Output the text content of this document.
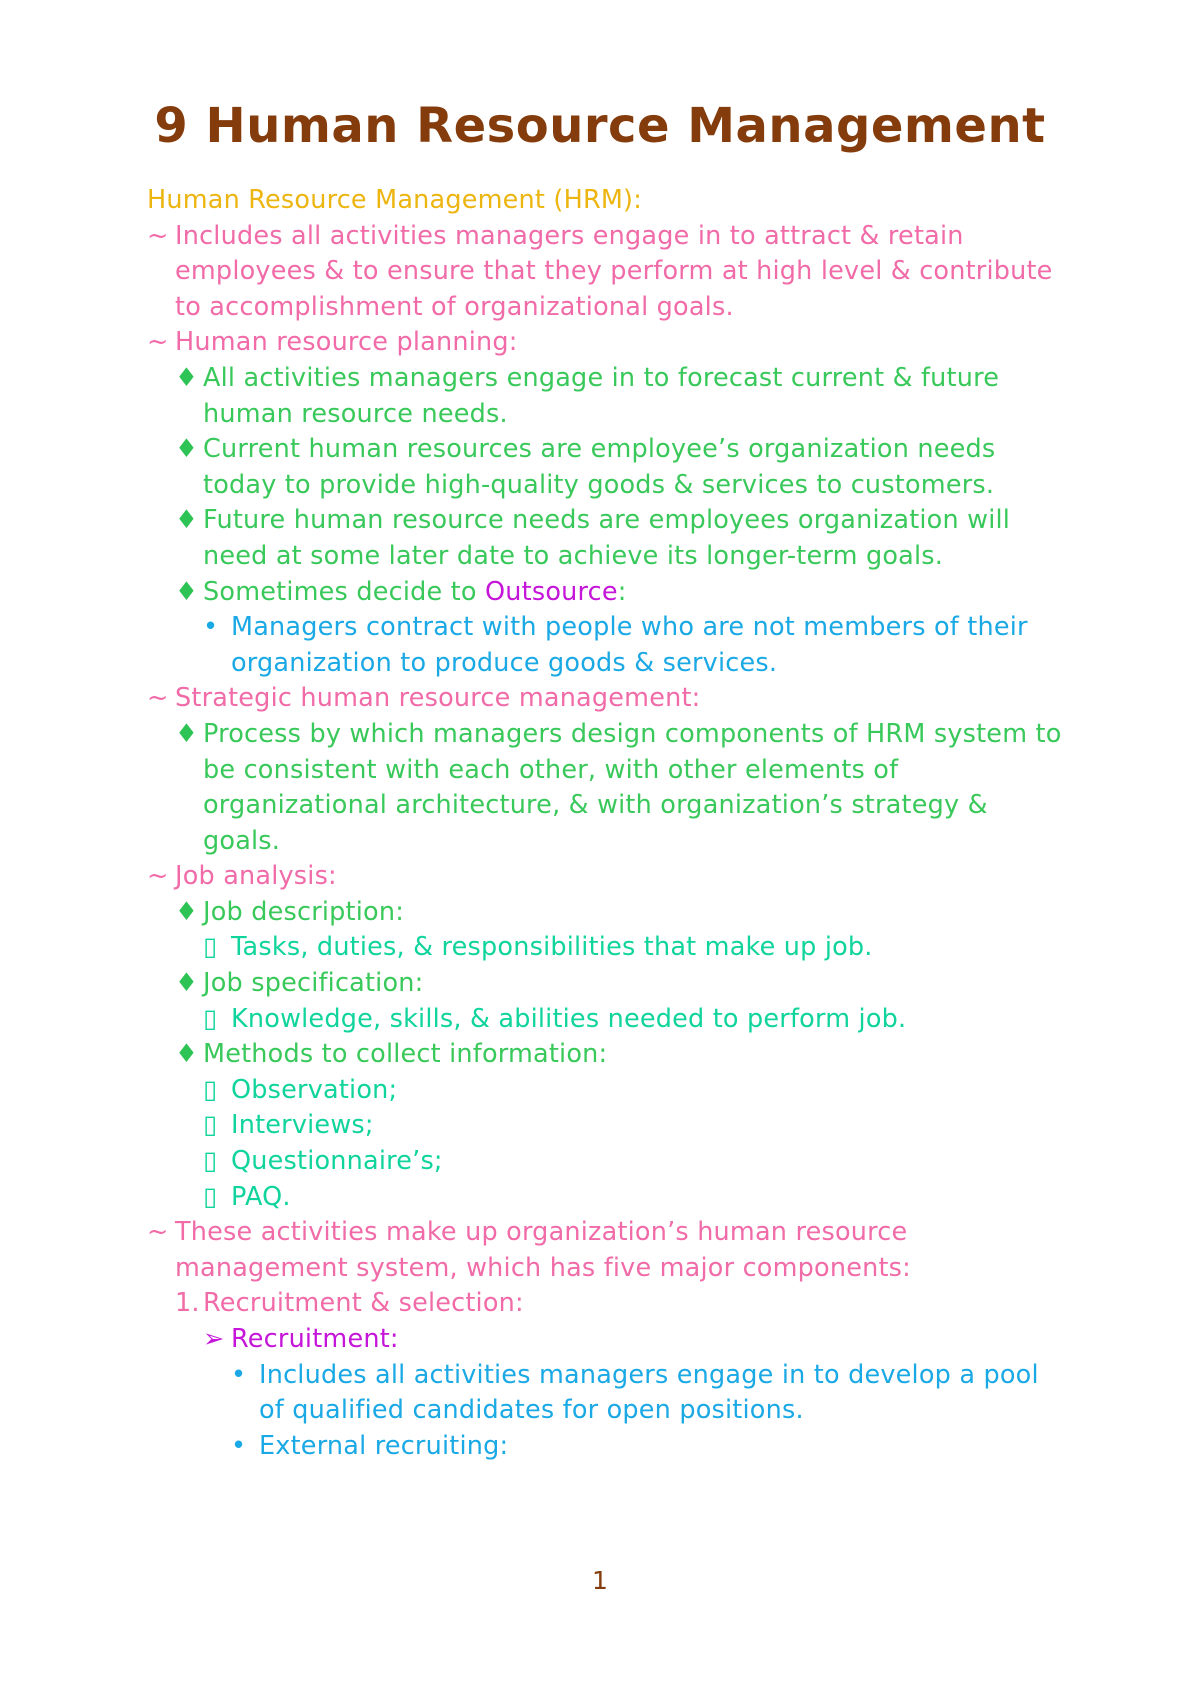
9 Human Resource Management
Human Resource Management (HRM):
~ Includes all activities managers engage in to attract & retain employees & to ensure that they perform at high level & contribute to accomplishment of organizational goals.
~ Human resource planning:
♦ All activities managers engage in to forecast current & future human resource needs.
♦ Current human resources are employee’s organization needs today to provide high-quality goods & services to customers.
♦ Future human resource needs are employees organization will need at some later date to achieve its longer-term goals.
♦ Sometimes decide to Outsource:
• Managers contract with people who are not members of their organization to produce goods & services.
~ Strategic human resource management:
♦ Process by which managers design components of HRM system to be consistent with each other, with other elements of organizational architecture, & with organization’s strategy & goals.
~ Job analysis:
♦ Job description:
▯ Tasks, duties, & responsibilities that make up job.
♦ Job specification:
▯ Knowledge, skills, & abilities needed to perform job.
♦ Methods to collect information:
▯ Observation;
▯ Interviews;
▯ Questionnaire’s;
▯ PAQ.
~ These activities make up organization’s human resource management system, which has five major components:
1. Recruitment & selection:
➢ Recruitment:
• Includes all activities managers engage in to develop a pool of qualified candidates for open positions.
• External recruiting:
1
